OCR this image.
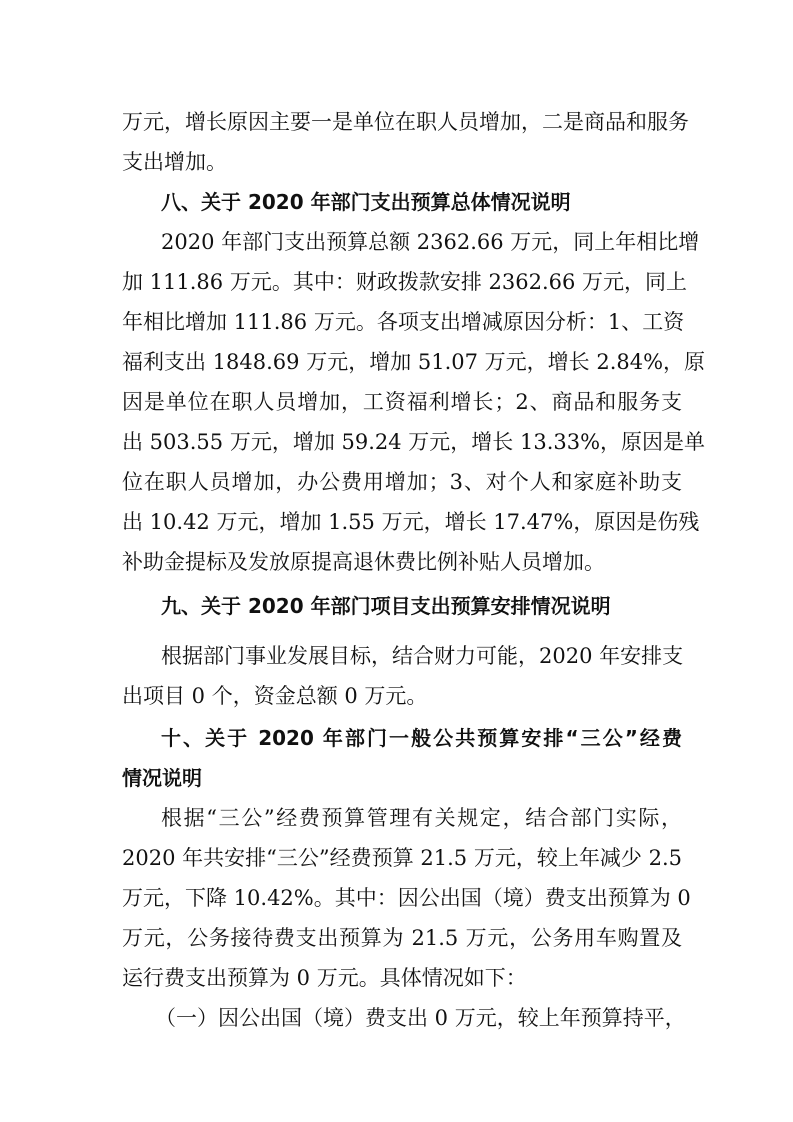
万元，增长原因主要一是单位在职人员增加，二是商品和服务
支出增加。
八、关于 2020 年部门支出预算总体情况说明
2020 年部门支出预算总额 2362.66 万元，同上年相比增
加 111.86 万元。其中：财政拨款安排 2362.66 万元，同上
年相比增加 111.86 万元。各项支出增减原因分析：1、工资
福利支出 1848.69 万元，增加 51.07 万元，增长 2.84%，原
因是单位在职人员增加，工资福利增长；2、商品和服务支
出 503.55 万元，增加 59.24 万元，增长 13.33%，原因是单
位在职人员增加，办公费用增加；3、对个人和家庭补助支
出 10.42 万元，增加 1.55 万元，增长 17.47%，原因是伤残
补助金提标及发放原提高退休费比例补贴人员增加。
九、关于 2020 年部门项目支出预算安排情况说明
根据部门事业发展目标，结合财力可能，2020 年安排支
出项目 0 个，资金总额 0 万元。
十、关于 2020 年部门一般公共预算安排“三公”经费
情况说明
根据“三公”经费预算管理有关规定，结合部门实际，
2020 年共安排“三公”经费预算 21.5 万元，较上年减少 2.5
万元，下降 10.42%。其中：因公出国（境）费支出预算为 0
万元，公务接待费支出预算为 21.5 万元，公务用车购置及
运行费支出预算为 0 万元。具体情况如下：
（一）因公出国（境）费支出 0 万元，较上年预算持平，
